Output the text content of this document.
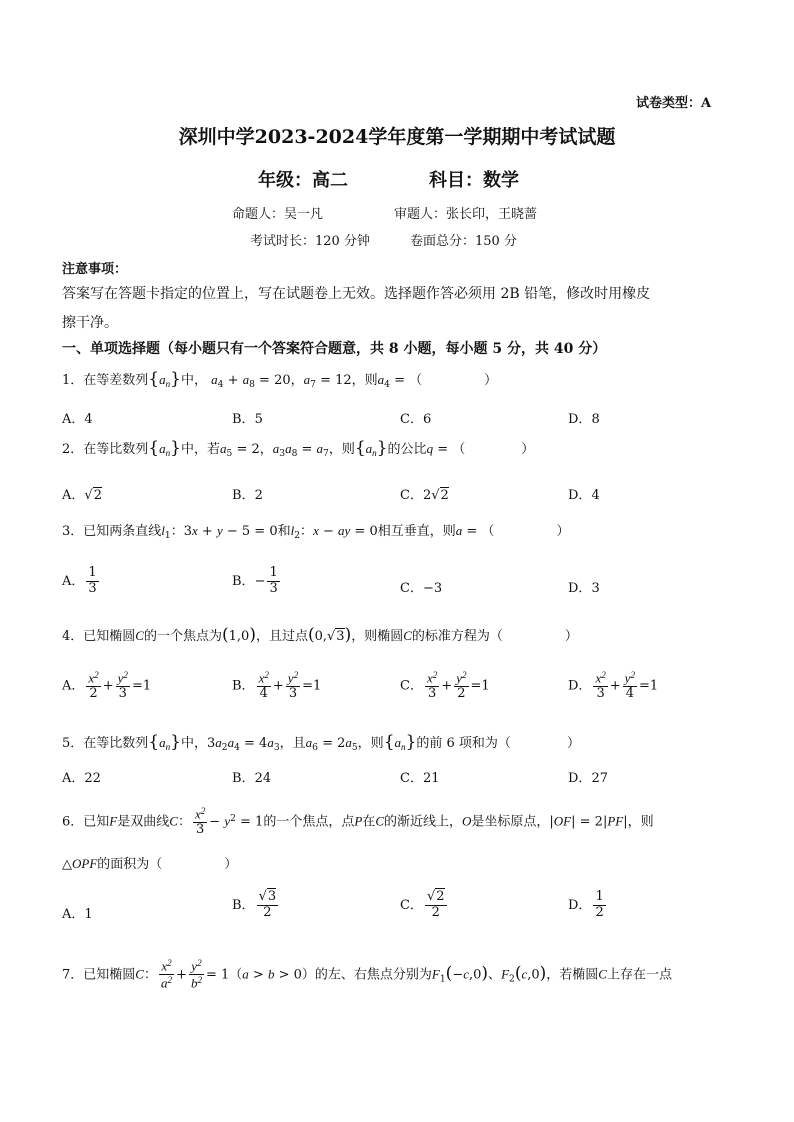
试卷类型：A
深圳中学2023-2024学年度第一学期期中考试试题
年级：高二	科目：数学
命题人：吴一凡	审题人：张长印，王晓蔷
考试时长：120 分钟	卷面总分：150 分
注意事项：
答案写在答题卡指定的位置上，写在试题卷上无效。选择题作答必须用 2B 铅笔，修改时用橡皮
擦干净。
一、单项选择题（每小题只有一个答案符合题意，共 8 小题，每小题 5 分，共 40 分）
1．在等差数列$\{a_n\}$中， $a_4 + a_8 = 20$，$a_7 = 12$，则$a_4$ = （	）
A．4	B．5	C．6	D．8
2．在等比数列$\{a_n\}$中，若$a_5 = 2$，$a_3a_8 = a_7$，则$\{a_n\}$的公比q = （	）
A．√2	B．2	C．2√2	D．4
3．已知两条直线$l_1$：3x + y − 5 = 0和$l_2$：x − ay = 0相互垂直，则a = （	）
A． $\frac{1}{3}$	B．− $\frac{1}{3}$	C．−3	D．3
4．已知椭圆C的一个焦点为(1,0)，且过点(0,√3)，则椭圆C的标准方程为（	）
A． $\frac{x^2}{2} + \frac{y^2}{3} =1$	B． $\frac{x^2}{4} + \frac{y^2}{3} =1$	C． $\frac{x^2}{3} + \frac{y^2}{2} =1$	D． $\frac{x^2}{3} + \frac{y^2}{4} =1$
5．在等比数列$\{a_n\}$中，$3a_2a_4 = 4a_3$，且$a_6 = 2a_5$，则$\{a_n\}$的前 6 项和为（	）
A．22	B．24	C．21	D．27
6．已知F是双曲线C： $\frac{x^2}{3} - y^2 = 1$的一个焦点，点P在C的渐近线上，O是坐标原点，|OF| = 2|PF|，则
△OPF的面积为（	）
A．1
B． $\frac{√3}{2}$	C． $\frac{√2}{2}$	D． $\frac{1}{2}$
7．已知椭圆C： $\frac{x^2}{a^2} + \frac{y^2}{b^2} = 1(a > b > 0)$的左、右焦点分别为$F_1(-c,0)$、$F_2(c,0)$，若椭圆C上存在一点
